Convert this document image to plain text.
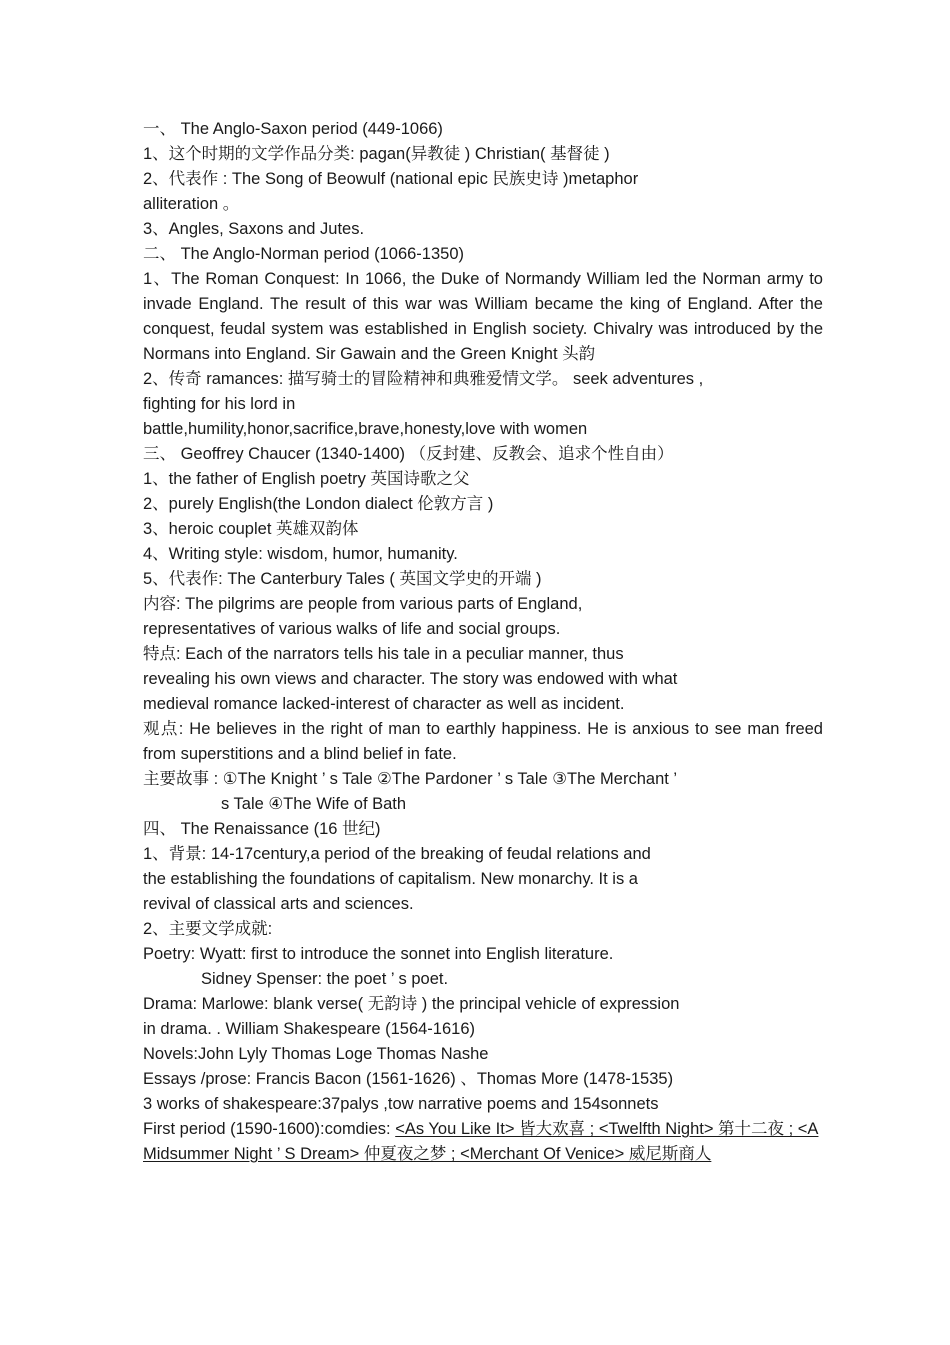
一、 The Anglo-Saxon period (449-1066)
1、这个时期的文学作品分类: pagan(异教徒 ) Christian( 基督徒 )
2、代表作 : The Song of Beowulf (national epic 民族史诗 )metaphor
alliteration 。
3、Angles, Saxons and Jutes.
二、 The Anglo-Norman period (1066-1350)
1、The Roman Conquest: In 1066, the Duke of Normandy William led the Norman army to invade England. The result of this war was William became the king of England. After the conquest, feudal system was established in English society. Chivalry was introduced by the Normans into England. Sir Gawain and the Green Knight 头韵
2、传奇 ramances: 描写骑士的冒险精神和典雅爱情文学。 seek adventures ,
fighting for his lord in
battle,humility,honor,sacrifice,brave,honesty,love with women
三、 Geoffrey Chaucer (1340-1400) （反封建、反教会、追求个性自由）
1、the father of English poetry 英国诗歌之父
2、purely English(the London dialect 伦敦方言 )
3、heroic couplet 英雄双韵体
4、Writing style: wisdom, humor, humanity.
5、代表作: The Canterbury Tales ( 英国文学史的开端 )
内容: The pilgrims are people from various parts of England,
representatives of various walks of life and social groups.
特点: Each of the narrators tells his tale in a peculiar manner, thus
revealing his own views and character. The story was endowed with what
medieval romance lacked-interest of character as well as incident.
观点: He believes in the right of man to earthly happiness. He is anxious to see man freed from superstitions and a blind belief in fate.
主要故事 : ①The Knight ’ s Tale ②The Pardoner ’ s Tale ③The Merchant ’
s Tale ④The Wife of Bath
四、 The Renaissance (16 世纪)
1、背景: 14-17century,a period of the breaking of feudal relations and
the establishing the foundations of capitalism. New monarchy. It is a
revival of classical arts and sciences.
2、主要文学成就:
Poetry: Wyatt: first to introduce the sonnet into English literature.
Sidney Spenser: the poet ’ s poet.
Drama: Marlowe: blank verse( 无韵诗 ) the principal vehicle of expression
in drama. . William Shakespeare (1564-1616)
Novels:John Lyly Thomas Loge Thomas Nashe
Essays /prose: Francis Bacon (1561-1626) 、Thomas More (1478-1535)
3 works of shakespeare:37palys ,tow narrative poems and 154sonnets
First period (1590-1600):comdies: <As You Like It> 皆大欢喜 ; <Twelfth Night> 第十二夜 ; <A Midsummer Night ’ S Dream> 仲夏夜之梦 ; <Merchant Of Venice> 威尼斯商人
